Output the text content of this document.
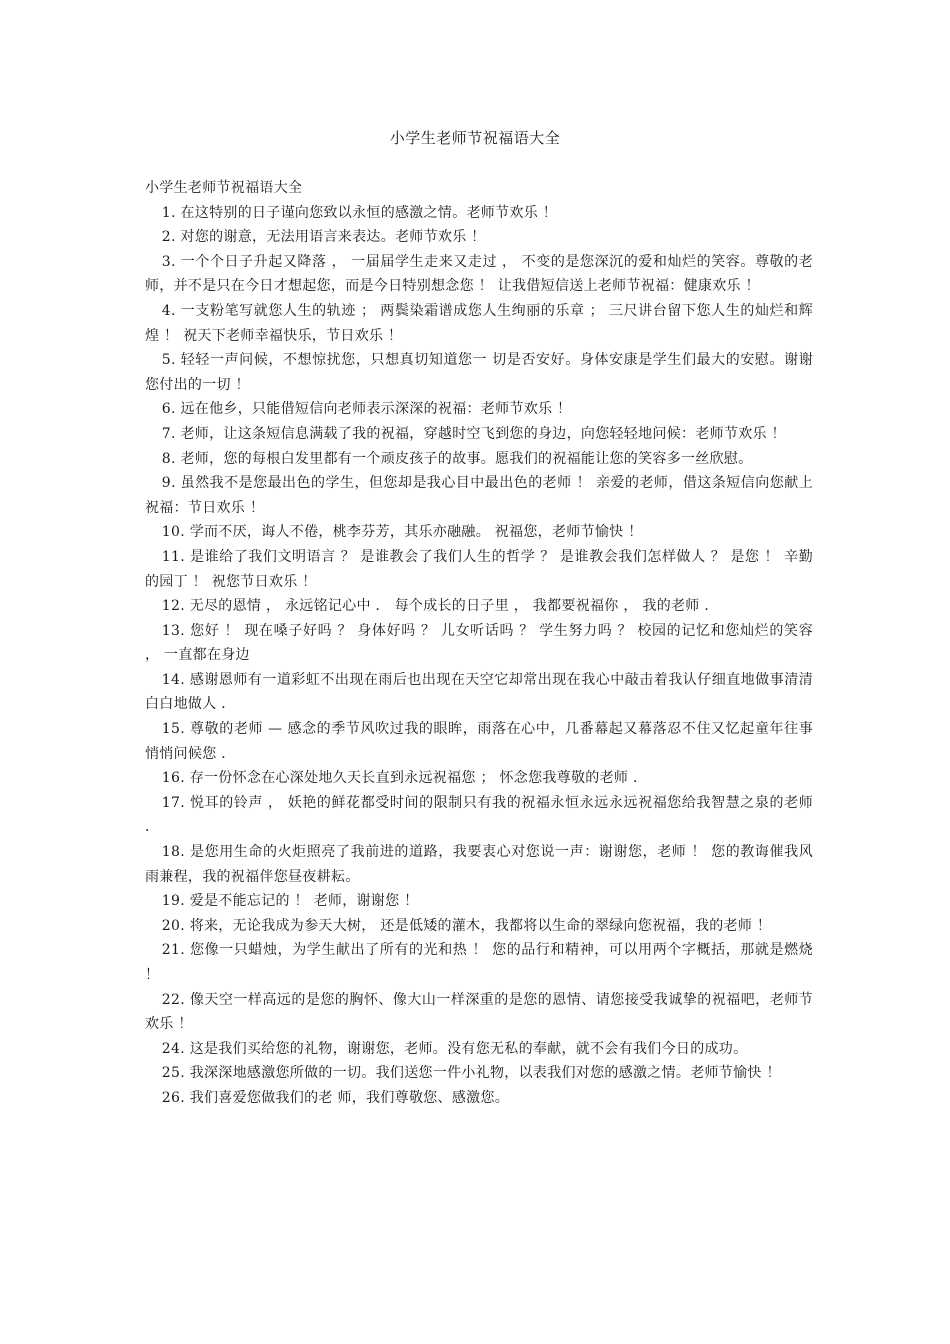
小学生老师节祝福语大全

小学生老师节祝福语大全

1. 在这特别的日子谨向您致以永恒的感激之情。老师节欢乐 ！
2. 对您的谢意，无法用语言来表达。老师节欢乐 ！
3. 一个个日子升起又降落 ， 一届届学生走来又走过 ， 不变的是您深沉的爱和灿烂的笑容。尊敬的老师，并不是只在今日才想起您，而是今日特别想念您 ！ 让我借短信送上老师节祝福：健康欢乐 ！
4. 一支粉笔写就您人生的轨迹 ； 两鬓染霜谱成您人生绚丽的乐章 ； 三尺讲台留下您人生的灿烂和辉煌 ！ 祝天下老师幸福快乐，节日欢乐 ！
5. 轻轻一声问候，不想惊扰您，只想真切知道您一 切是否安好。身体安康是学生们最大的安慰。谢谢您付出的一切 ！
6. 远在他乡，只能借短信向老师表示深深的祝福：老师节欢乐 ！
7. 老师，让这条短信息满载了我的祝福，穿越时空飞到您的身边，向您轻轻地问候：老师节欢乐 ！
8. 老师，您的每根白发里都有一个顽皮孩子的故事。愿我们的祝福能让您的笑容多一丝欣慰。
9. 虽然我不是您最出色的学生，但您却是我心目中最出色的老师 ！ 亲爱的老师，借这条短信向您献上祝福：节日欢乐 ！
10. 学而不厌，诲人不倦，桃李芬芳，其乐亦融融。 祝福您，老师节愉快 ！
11. 是谁给了我们文明语言 ？ 是谁教会了我们人生的哲学 ？ 是谁教会我们怎样做人 ？ 是您 ！ 辛勤的园丁 ！ 祝您节日欢乐 ！
12. 无尽的恩情 ， 永远铭记心中 ． 每个成长的日子里 ， 我都要祝福你 ， 我的老师 ．
13. 您好 ！ 现在嗓子好吗 ？ 身体好吗 ？ 儿女听话吗 ？ 学生努力吗 ？ 校园的记忆和您灿烂的笑容 ， 一直都在身边
14. 感谢恩师有一道彩虹不出现在雨后也出现在天空它却常出现在我心中敲击着我认仔细直地做事清清白白地做人 ．
15. 尊敬的老师 — 感念的季节风吹过我的眼眸，雨落在心中，几番幕起又幕落忍不住又忆起童年往事悄悄问候您 ．
16. 存一份怀念在心深处地久天长直到永远祝福您 ； 怀念您我尊敬的老师 ．
17. 悦耳的铃声 ， 妖艳的鲜花都受时间的限制只有我的祝福永恒永远永远祝福您给我智慧之泉的老师 ．
18. 是您用生命的火炬照亮了我前进的道路，我要衷心对您说一声：谢谢您，老师 ！ 您的教诲催我风雨兼程，我的祝福伴您昼夜耕耘。
19. 爱是不能忘记的 ！ 老师，谢谢您 ！
20. 将来，无论我成为参天大树， 还是低矮的灌木，我都将以生命的翠绿向您祝福，我的老师 ！
21. 您像一只蜡烛，为学生献出了所有的光和热 ！ 您的品行和精神，可以用两个字概括，那就是燃烧 ！
22. 像天空一样高远的是您的胸怀、像大山一样深重的是您的恩情、请您接受我诚挚的祝福吧，老师节欢乐 ！
24. 这是我们买给您的礼物，谢谢您，老师。没有您无私的奉献，就不会有我们今日的成功。
25. 我深深地感激您所做的一切。我们送您一件小礼物，以表我们对您的感激之情。老师节愉快 ！
26. 我们喜爱您做我们的老 师，我们尊敬您、感激您。
